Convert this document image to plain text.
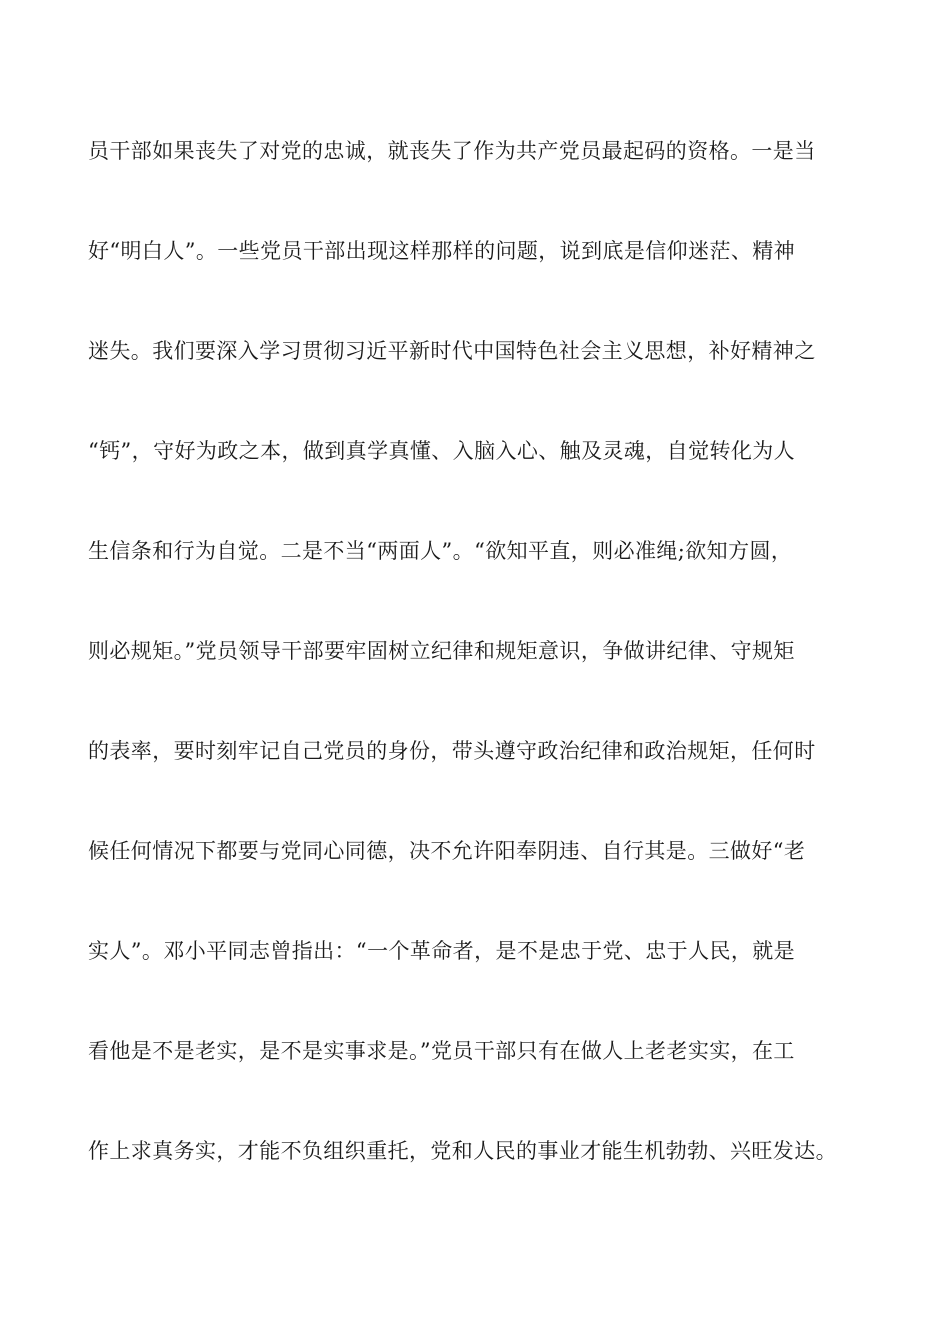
员干部如果丧失了对党的忠诚，就丧失了作为共产党员最起码的资格。一是当
好“明白人”。一些党员干部出现这样那样的问题，说到底是信仰迷茫、精神
迷失。我们要深入学习贯彻习近平新时代中国特色社会主义思想，补好精神之
“钙”，守好为政之本，做到真学真懂、入脑入心、触及灵魂，自觉转化为人
生信条和行为自觉。二是不当“两面人”。“欲知平直，则必准绳;欲知方圆，
则必规矩。”党员领导干部要牢固树立纪律和规矩意识，争做讲纪律、守规矩
的表率，要时刻牢记自己党员的身份，带头遵守政治纪律和政治规矩，任何时
候任何情况下都要与党同心同德，决不允许阳奉阴违、自行其是。三做好“老
实人”。邓小平同志曾指出：“一个革命者，是不是忠于党、忠于人民，就是
看他是不是老实，是不是实事求是。”党员干部只有在做人上老老实实，在工
作上求真务实，才能不负组织重托，党和人民的事业才能生机勃勃、兴旺发达。
